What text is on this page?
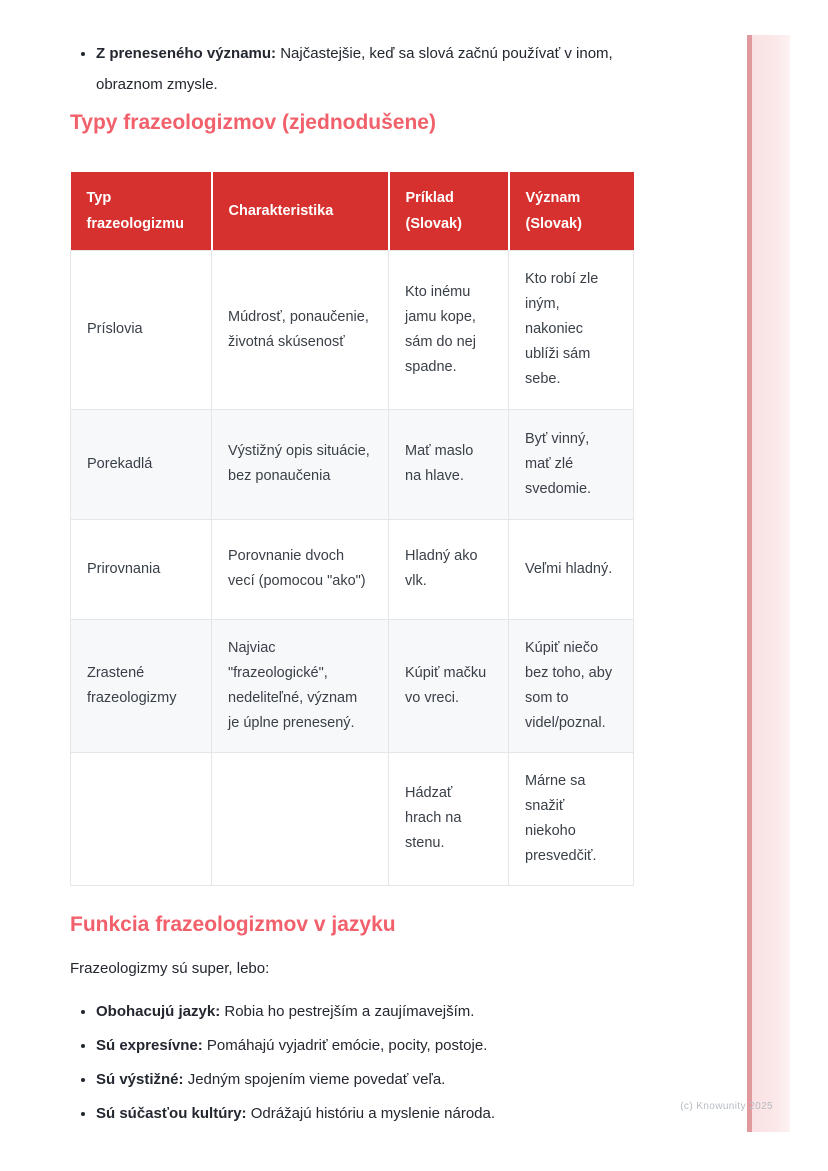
• Z preneseného významu: Najčastejšie, keď sa slová začnú používať v inom, obraznom zmysle.
Typy frazeologizmov (zjednodušene)
Typ frazeologizmu	Charakteristika	Príklad (Slovak)	Význam (Slovak)
Príslovia	Múdrosť, ponaučenie, životná skúsenosť	Kto inému jamu kope, sám do nej spadne.	Kto robí zle iným, nakoniec ublíži sám sebe.
Porekadlá	Výstižný opis situácie, bez ponaučenia	Mať maslo na hlave.	Byť vinný, mať zlé svedomie.
Prirovnania	Porovnanie dvoch vecí (pomocou "ako")	Hladný ako vlk.	Veľmi hladný.
Zrastené frazeologizmy	Najviac "frazeologické", nedeliteľné, význam je úplne prenesený.	Kúpiť mačku vo vreci.	Kúpiť niečo bez toho, aby som to videl/poznal.
		Hádzať hrach na stenu.	Márne sa snažiť niekoho presvedčiť.
Funkcia frazeologizmov v jazyku

Frazeologizmy sú super, lebo:

• Obohacujú jazyk: Robia ho pestrejším a zaujímavejším.
• Sú expresívne: Pomáhajú vyjadriť emócie, pocity, postoje.
• Sú výstižné: Jedným spojením vieme povedať veľa.
• Sú súčasťou kultúry: Odrážajú históriu a myslenie národa.	(c) Knowunity 2025
